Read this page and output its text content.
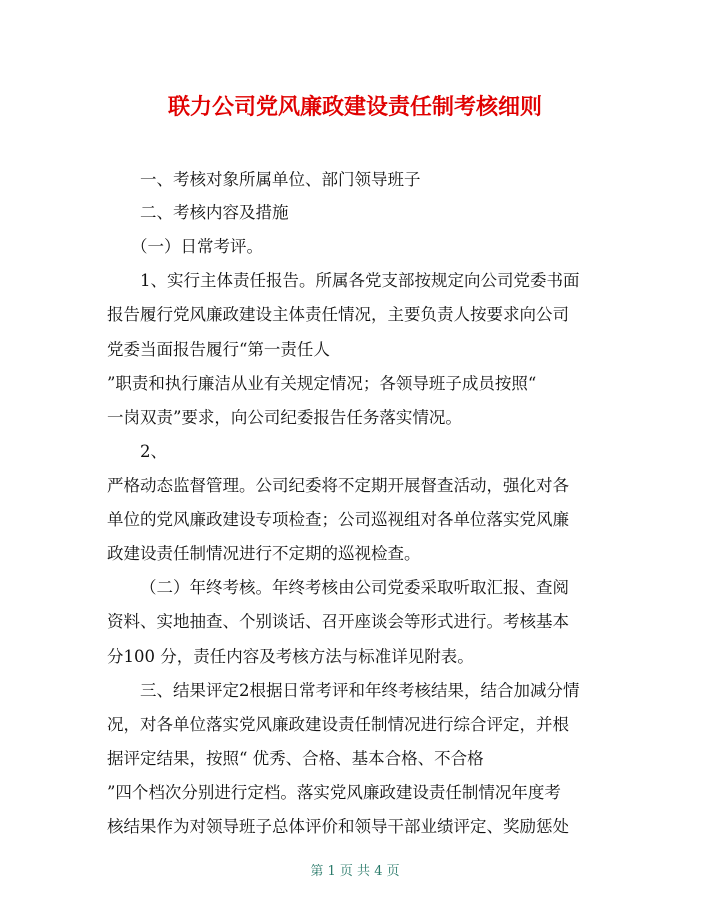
联力公司党风廉政建设责任制考核细则
一、考核对象所属单位、部门领导班子
二、考核内容及措施
（一）日常考评。
1、实行主体责任报告。所属各党支部按规定向公司党委书面
报告履行党风廉政建设主体责任情况，主要负责人按要求向公司
党委当面报告履行“第一责任人
”职责和执行廉洁从业有关规定情况；各领导班子成员按照“
一岗双责”要求，向公司纪委报告任务落实情况。
2、
严格动态监督管理。公司纪委将不定期开展督查活动，强化对各
单位的党风廉政建设专项检查；公司巡视组对各单位落实党风廉
政建设责任制情况进行不定期的巡视检查。
（二）年终考核。年终考核由公司党委采取听取汇报、查阅
资料、实地抽查、个别谈话、召开座谈会等形式进行。考核基本
分100 分，责任内容及考核方法与标准详见附表。
三、结果评定2根据日常考评和年终考核结果，结合加减分情
况，对各单位落实党风廉政建设责任制情况进行综合评定，并根
据评定结果，按照“ 优秀、合格、基本合格、不合格
”四个档次分别进行定档。落实党风廉政建设责任制情况年度考
核结果作为对领导班子总体评价和领导干部业绩评定、奖励惩处
第 1 页 共 4 页
